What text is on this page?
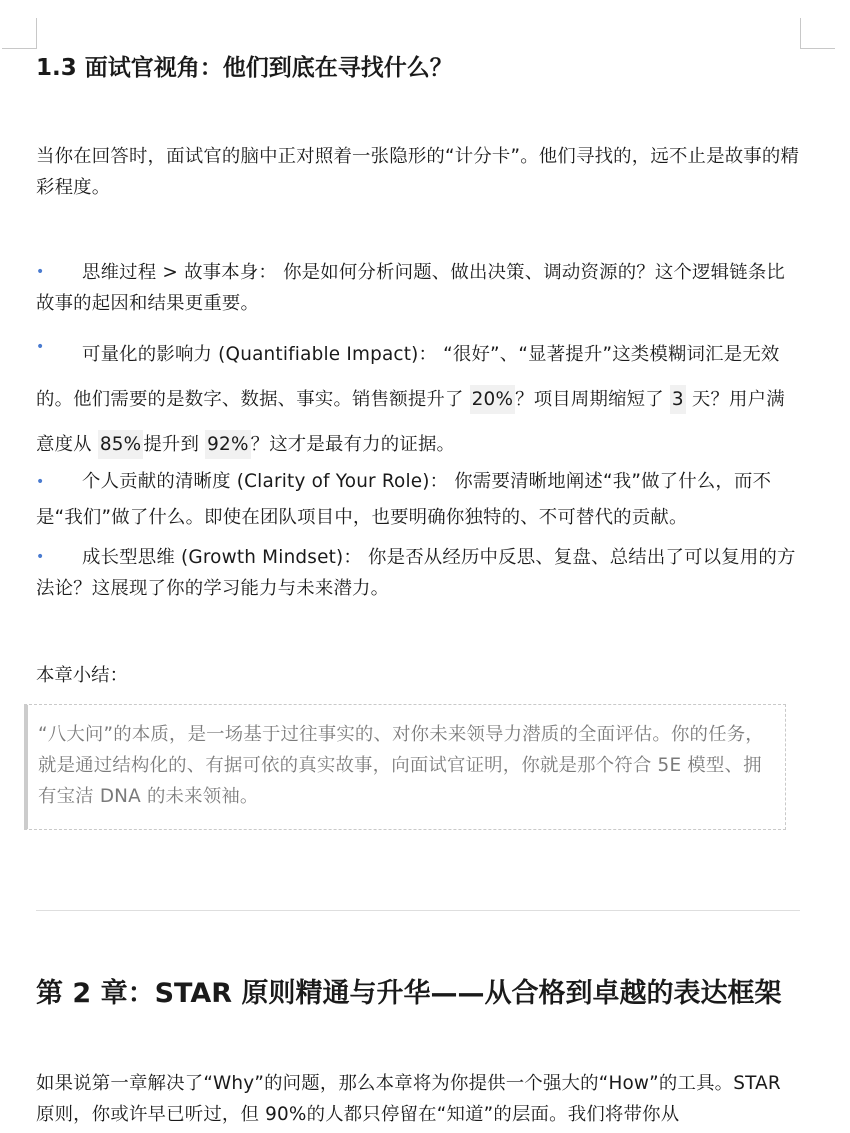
1.3 面试官视角：他们到底在寻找什么？
当你在回答时，面试官的脑中正对照着一张隐形的“计分卡”。他们寻找的，远不止是故事的精彩程度。
• 思维过程 > 故事本身： 你是如何分析问题、做出决策、调动资源的？这个逻辑链条比故事的起因和结果更重要。
• 可量化的影响力 (Quantifiable Impact)： “很好”、“显著提升”这类模糊词汇是无效的。他们需要的是数字、数据、事实。销售额提升了 20% ？项目周期缩短了 3 天？用户满意度从 85% 提升到 92% ？这才是最有力的证据。
• 个人贡献的清晰度 (Clarity of Your Role)： 你需要清晰地阐述“我”做了什么，而不是“我们”做了什么。即使在团队项目中，也要明确你独特的、不可替代的贡献。
• 成长型思维 (Growth Mindset)： 你是否从经历中反思、复盘、总结出了可以复用的方法论？这展现了你的学习能力与未来潜力。
本章小结：
“八大问”的本质，是一场基于过往事实的、对你未来领导力潜质的全面评估。你的任务，就是通过结构化的、有据可依的真实故事，向面试官证明，你就是那个符合 5E 模型、拥有宝洁 DNA 的未来领袖。
第 2 章：STAR 原则精通与升华——从合格到卓越的表达框架
如果说第一章解决了“Why”的问题，那么本章将为你提供一个强大的“How”的工具。STAR 原则，你或许早已听过，但 90%的人都只停留在“知道”的层面。我们将带你从
